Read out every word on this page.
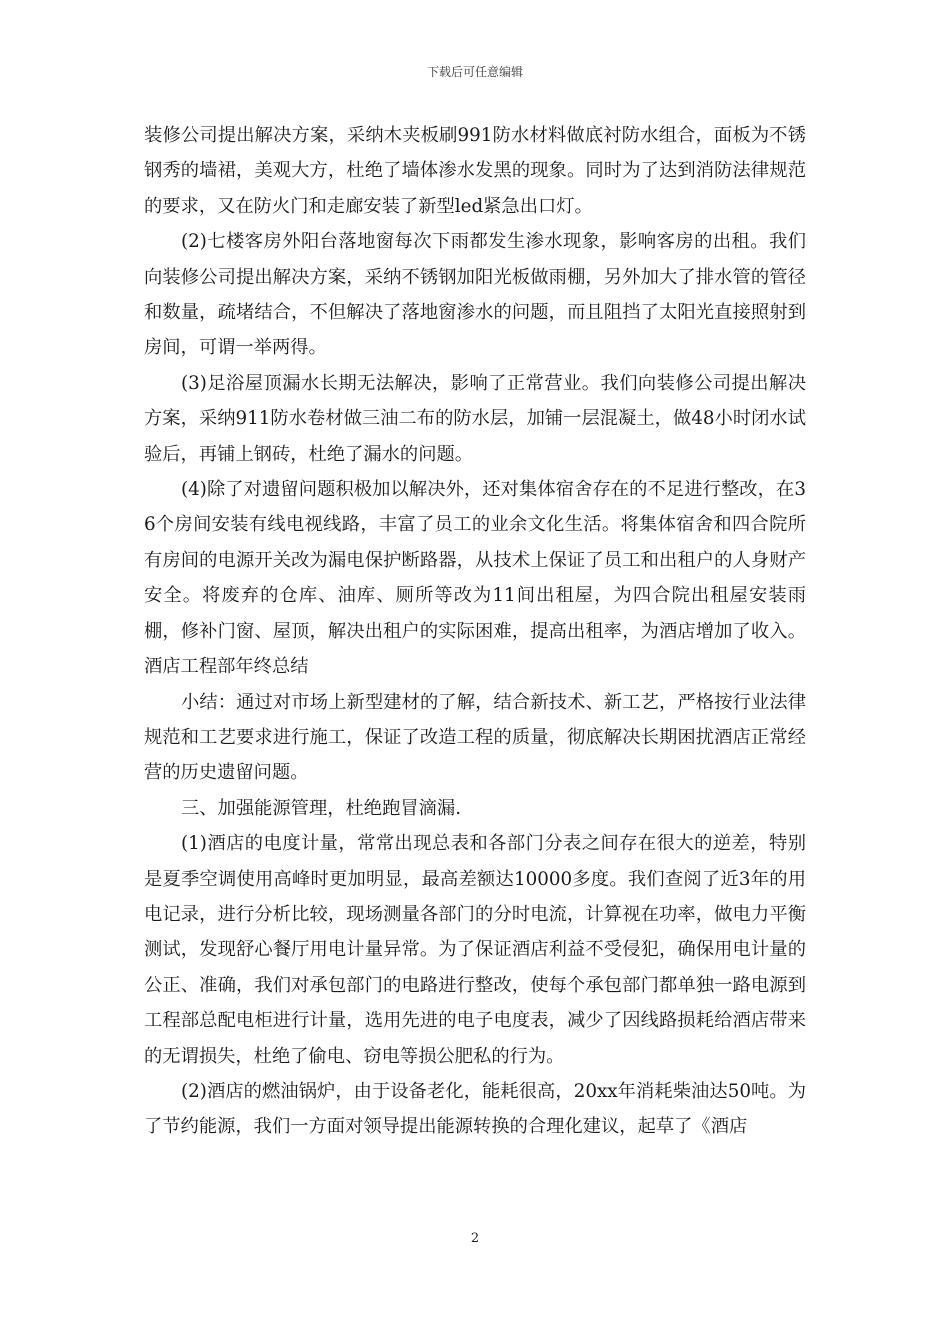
下载后可任意编辑

装修公司提出解决方案，采纳木夹板刷991防水材料做底衬防水组合，面板为不锈钢秀的墙裙，美观大方，杜绝了墙体渗水发黑的现象。同时为了达到消防法律规范的要求，又在防火门和走廊安装了新型led紧急出口灯。

(2)七楼客房外阳台落地窗每次下雨都发生渗水现象，影响客房的出租。我们向装修公司提出解决方案，采纳不锈钢加阳光板做雨棚，另外加大了排水管的管径和数量，疏堵结合，不但解决了落地窗渗水的问题，而且阻挡了太阳光直接照射到房间，可谓一举两得。

(3)足浴屋顶漏水长期无法解决，影响了正常营业。我们向装修公司提出解决方案，采纳911防水卷材做三油二布的防水层，加铺一层混凝土，做48小时闭水试验后，再铺上钢砖，杜绝了漏水的问题。

(4)除了对遗留问题积极加以解决外，还对集体宿舍存在的不足进行整改，在36个房间安装有线电视线路，丰富了员工的业余文化生活。将集体宿舍和四合院所有房间的电源开关改为漏电保护断路器，从技术上保证了员工和出租户的人身财产安全。将废弃的仓库、油库、厕所等改为11间出租屋，为四合院出租屋安装雨棚，修补门窗、屋顶，解决出租户的实际困难，提高出租率，为酒店增加了收入。酒店工程部年终总结

小结：通过对市场上新型建材的了解，结合新技术、新工艺，严格按行业法律规范和工艺要求进行施工，保证了改造工程的质量，彻底解决长期困扰酒店正常经营的历史遗留问题。

三、加强能源管理，杜绝跑冒滴漏.

(1)酒店的电度计量，常常出现总表和各部门分表之间存在很大的逆差，特别是夏季空调使用高峰时更加明显，最高差额达10000多度。我们查阅了近3年的用电记录，进行分析比较，现场测量各部门的分时电流，计算视在功率，做电力平衡测试，发现舒心餐厅用电计量异常。为了保证酒店利益不受侵犯，确保用电计量的公正、准确，我们对承包部门的电路进行整改，使每个承包部门都单独一路电源到工程部总配电柜进行计量，选用先进的电子电度表，减少了因线路损耗给酒店带来的无谓损失，杜绝了偷电、窃电等损公肥私的行为。

(2)酒店的燃油锅炉，由于设备老化，能耗很高，20xx年消耗柴油达50吨。为了节约能源，我们一方面对领导提出能源转换的合理化建议，起草了《酒店

2
